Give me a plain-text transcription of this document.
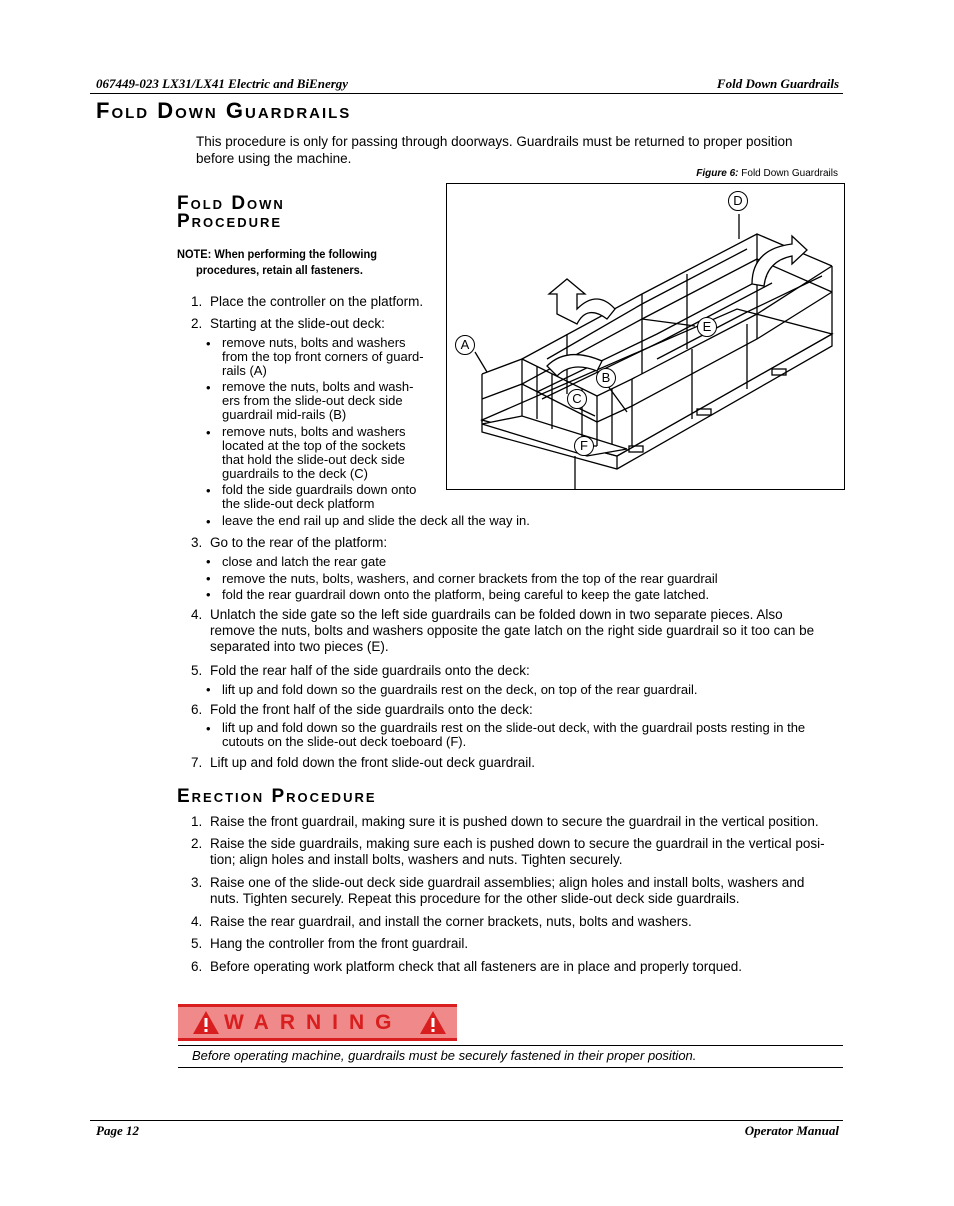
067449-023 LX31/LX41 Electric and BiEnergy	Fold Down Guardrails
Fold Down Guardrails
This procedure is only for passing through doorways. Guardrails must be returned to proper position
before using the machine.
Figure 6: Fold Down Guardrails
A
B
C
D
E
F
Fold Down
Procedure
NOTE: When performing the following
procedures, retain all fasteners.
1. Place the controller on the platform.
2. Starting at the slide-out deck:
• remove nuts, bolts and washers
from the top front corners of guard-
rails (A)
• remove the nuts, bolts and wash-
ers from the slide-out deck side
guardrail mid-rails (B)
• remove nuts, bolts and washers
located at the top of the sockets
that hold the slide-out deck side
guardrails to the deck (C)
• fold the side guardrails down onto
the slide-out deck platform
• leave the end rail up and slide the deck all the way in.
3. Go to the rear of the platform:
• close and latch the rear gate
• remove the nuts, bolts, washers, and corner brackets from the top of the rear guardrail
• fold the rear guardrail down onto the platform, being careful to keep the gate latched.
4. Unlatch the side gate so the left side guardrails can be folded down in two separate pieces. Also
remove the nuts, bolts and washers opposite the gate latch on the right side guardrail so it too can be
separated into two pieces (E).
5. Fold the rear half of the side guardrails onto the deck:
• lift up and fold down so the guardrails rest on the deck, on top of the rear guardrail.
6. Fold the front half of the side guardrails onto the deck:
• lift up and fold down so the guardrails rest on the slide-out deck, with the guardrail posts resting in the
cutouts on the slide-out deck toeboard (F).
7. Lift up and fold down the front slide-out deck guardrail.
Erection Procedure
1. Raise the front guardrail, making sure it is pushed down to secure the guardrail in the vertical position.
2. Raise the side guardrails, making sure each is pushed down to secure the guardrail in the vertical posi-
tion; align holes and install bolts, washers and nuts. Tighten securely.
3. Raise one of the slide-out deck side guardrail assemblies; align holes and install bolts, washers and
nuts. Tighten securely. Repeat this procedure for the other slide-out deck side guardrails.
4. Raise the rear guardrail, and install the corner brackets, nuts, bolts and washers.
5. Hang the controller from the front guardrail.
6. Before operating work platform check that all fasteners are in place and properly torqued.
WARNING
Before operating machine, guardrails must be securely fastened in their proper position.
Page 12	Operator Manual
